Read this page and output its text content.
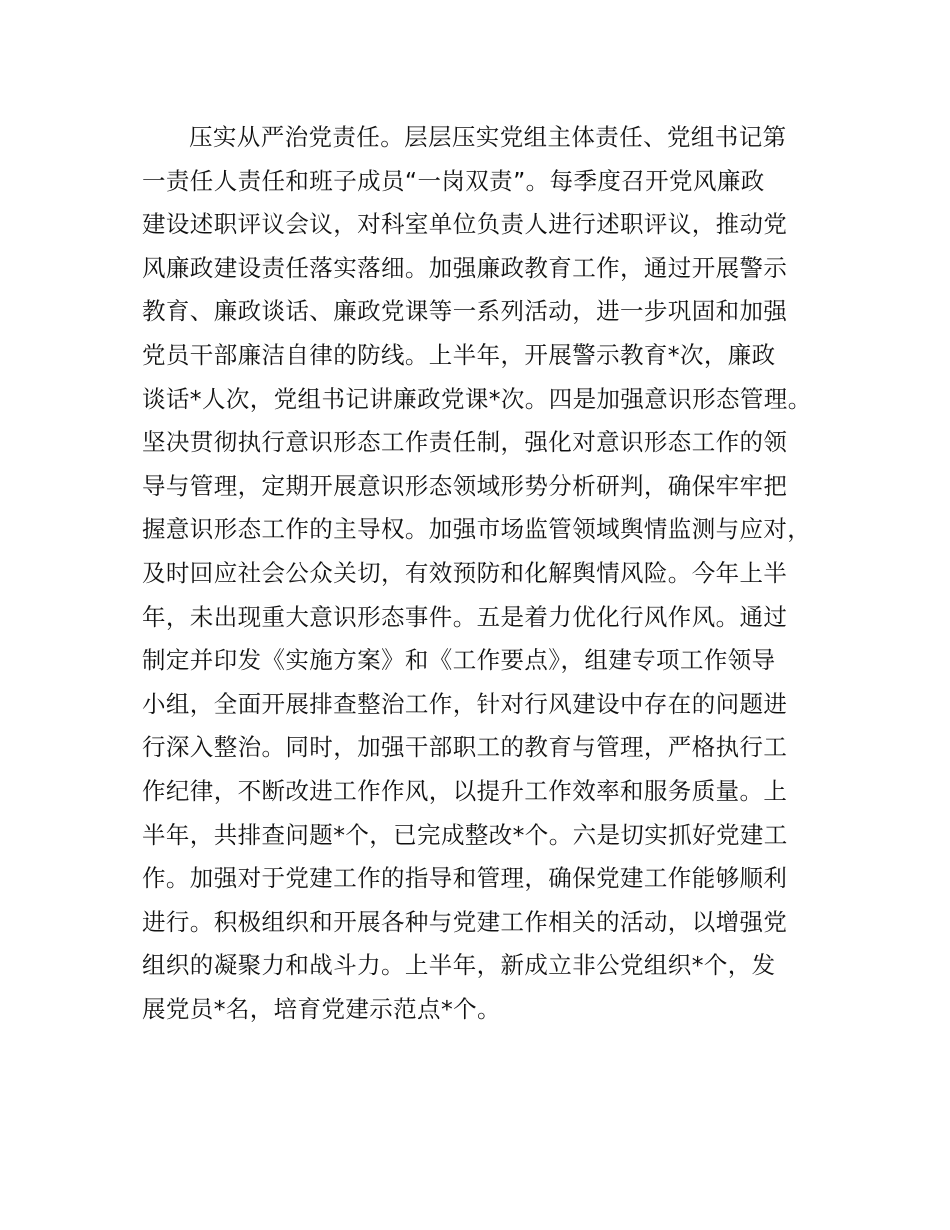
压实从严治党责任。层层压实党组主体责任、党组书记第
一责任人责任和班子成员“一岗双责”。每季度召开党风廉政
建设述职评议会议，对科室单位负责人进行述职评议，推动党
风廉政建设责任落实落细。加强廉政教育工作，通过开展警示
教育、廉政谈话、廉政党课等一系列活动，进一步巩固和加强
党员干部廉洁自律的防线。上半年，开展警示教育*次，廉政
谈话*人次，党组书记讲廉政党课*次。四是加强意识形态管理。
坚决贯彻执行意识形态工作责任制，强化对意识形态工作的领
导与管理，定期开展意识形态领域形势分析研判，确保牢牢把
握意识形态工作的主导权。加强市场监管领域舆情监测与应对，
及时回应社会公众关切，有效预防和化解舆情风险。今年上半
年，未出现重大意识形态事件。五是着力优化行风作风。通过
制定并印发《实施方案》和《工作要点》，组建专项工作领导
小组，全面开展排查整治工作，针对行风建设中存在的问题进
行深入整治。同时，加强干部职工的教育与管理，严格执行工
作纪律，不断改进工作作风，以提升工作效率和服务质量。上
半年，共排查问题*个，已完成整改*个。六是切实抓好党建工
作。加强对于党建工作的指导和管理，确保党建工作能够顺利
进行。积极组织和开展各种与党建工作相关的活动，以增强党
组织的凝聚力和战斗力。上半年，新成立非公党组织*个，发
展党员*名，培育党建示范点*个。
